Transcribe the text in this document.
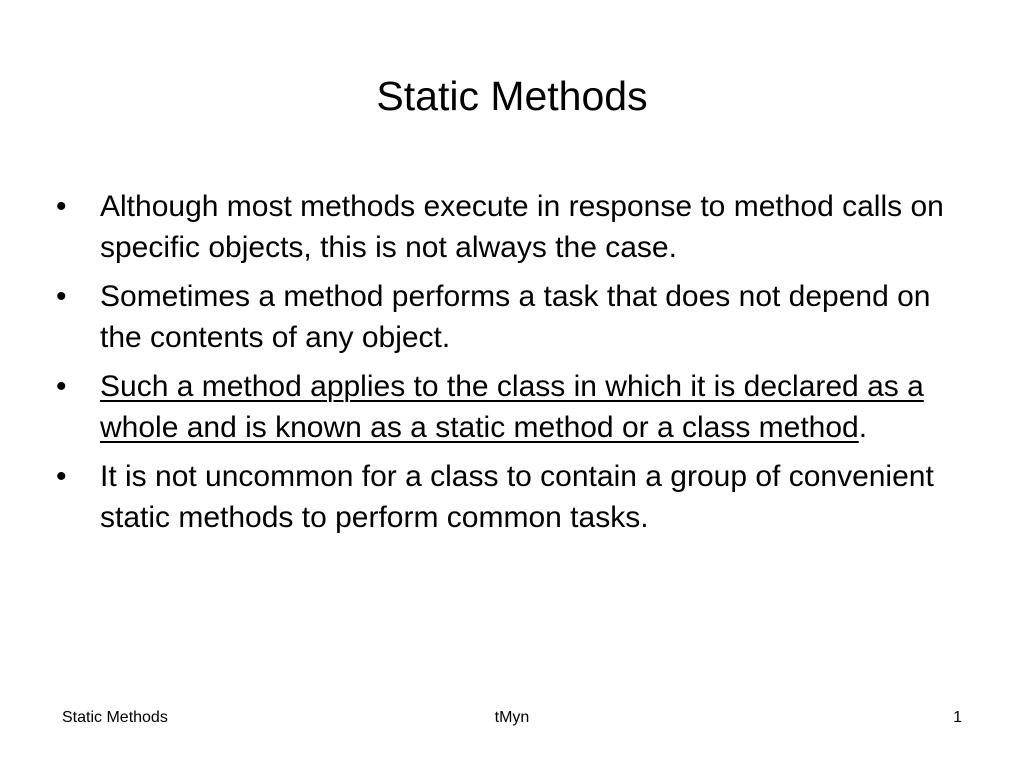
Static Methods
•	Although most methods execute in response to method calls on specific objects, this is not always the case.
•	Sometimes a method performs a task that does not depend on the contents of any object.
•	Such a method applies to the class in which it is declared as a whole and is known as a static method or a class method.
•	It is not uncommon for a class to contain a group of convenient static methods to perform common tasks.
Static Methods	tMyn	1
